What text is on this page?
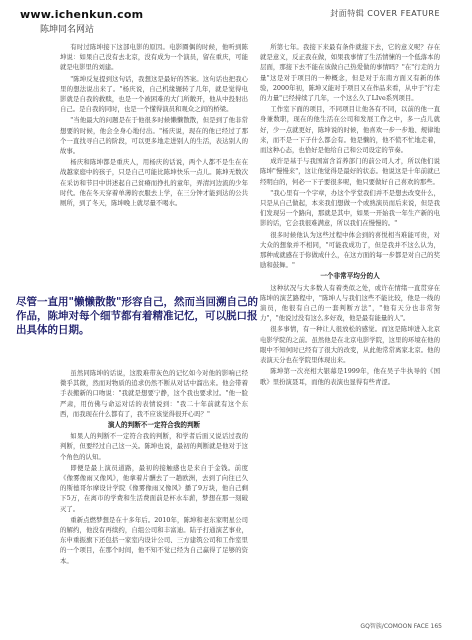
www.ichenkun.com
陈坤同名网站
封面特辑 COVER FEATURE

有时过陈坤接下这部电影的原因。电影圈偶的时候，他听到陈坤说：如果自己没有去北京，没有成为一个演员，留在重庆，可能就是电影里的刘建。

"陈坤反复提到这句话，我想这是最好的答案。这句话也把我心里的想法说出来了。"杨庆说，自己机缘辗转了几年，就是觉得电影就是自我的救赎，也是一个被困难的大门所敞开，他从中投射出自己。是自我的同时，也是一个懂得演员和观众之间的桥梁。

"当他最大的问题是在于他很多时候懒懒散散，但是到了他非常想要的时候，他会全身心地付出。"杨庆说，现在的他已经过了那个一直找寻自己的阶段，可以更多地走进别人的生活，表达别人的故事。

杨庆和陈坤都是重庆人，用杨庆的话说，两个人都不是生在在战越家庭中的孩子，只是自己可能比陈坤快乐一点儿。陈坤无数次在采访和节目中讲述起自己贫瘠而挣扎的童年，弄清河边流的少年时代。他在冬天穿着单薄的衣服去上学，在三分钟才能到达的公共厕所，到了冬天，陈坤晚上就尽量不喝水。

尽管一直用"懒懒散散"形容自己，然而当回溯自己的作品，陈坤对每个细节都有着精准记忆，可以脱口报出具体的日期。

虽然同陈坤的话说，这股难带灰色的记忆如今对他的影响已经微乎其微，然而对物质的追求仍然不断从对话中溜出来。他会带着手表搬新的口吻说："我就是想要宁静，这个我也要求过。"他一脸严肃，用仿佛与命运对话的表情说到："我二十年前就有这个东西，而我现在什么都有了，我不应该觉得很开心吗？"

演人的判断不一定符合我的判断

如果人的判断不一定符合我的判断，和学者后面又说话过我的判断，但要经过自己这一关。陈坤也说，最初的判断就是他对于这个角色的认知。

即便是最上演员道路，最初的接触感也是来自于金钱。前度《像雾像雨又像风》，他拿着片酬去了一趟欧洲，去到了向往已久的斯德哥尔摩设计学院《像雾像雨又像风》播了9万块，他自己剩下5万，在离市的学费和生活费面前是杯水车薪，梦想在那一刻破灭了。

重新点燃梦想是在十多年后。2010年，陈坤和老东家明星公司的解约，他没有再续约，自组公司和丰富迪。陆子打通演艺事业，东申重振旗下还包括一家室内设计公司、三方建筑公司和工作室里的一个项目，在那个时间，他不知不觉已经为自己赢得了足够的资本。

所第七年。我接下来最有条件就接下去，它的意义呢？存在就是意义，反正我在做，如果我事情了生活情愫的一个低落本的层面，那接下去不能在该做自己热爱做的事情吗？"在"行走的力量"这是对于项目的一种概念，但是对于东南方面又有新的体验，2000年初，陈坤又能对于项目又在作品来看，从中于"行走的力量"已经持续了几年，一个这么久了LIve系列项目。

工作室下面的项目，不同项目让他各有不同，以前的他一直身兼数职，现在的他生活在公司和发展工作之中，多一点儿就好，少一点就更好，陈坤说的时候，他喜欢一步一步地、规律地来，而不是一下子什么都会有。他是懒的，他不慌不忙地走着，而这种心态，也恰好是他给自己和公司设定的节奏。

成许是基于与我国富含首养部门的前公司人才，所以他们说陈坤"慢慢来"，这让他觉得是最好的状态。他说这是十年前就已经明白的，何必一下子要很多呢，他只要做好自己喜欢的那些。

"我心里有一个字章，办这个学堂我们并不是想去改变什么，只是从自己做起，本来我们想做一个或熟演员而后来说，但是我们发现另一个路向，那就是其中，如果一开始我一年生产新的电影的话，它会我很难满意，所以我们在慢慢的。"

很多时候他认为这些过程中体会到的喜悦相当难能可贵，对大众的想象并不相同，"可能我成功了，但是我并不这么认为，那种成就感在于你做成什么，在这方面的每一步都是对自己的奖励和鼓舞。"

一个非常平均分的人

这种状况与大多数人有着类似之处，或许在情绪一直贯穿在陈坤的演艺路程中，"陈坤人与我们这些不能比较，他是一线的演员，他很有自己的一套判断方法"，"他有天分也非常努力"，"他说过没有这么多好戏，他是最有能量的人"。

很多事情，有一种让人很放松的感觉。而这是陈坤进入北京电影学院的之前。虽然他是在北京电影学院，这里的环境在他的眼中不知何时已经有了很大的改变，从此他常常离家北京。他的表演天分也在学院里体现出来。

陈坤第一次亮相大银幕是1999年，他在吴子牛执导的《国歌》里扮演聂耳，而他的表演也显得有些青涩。

GQ智族/COMOON FACE 165
